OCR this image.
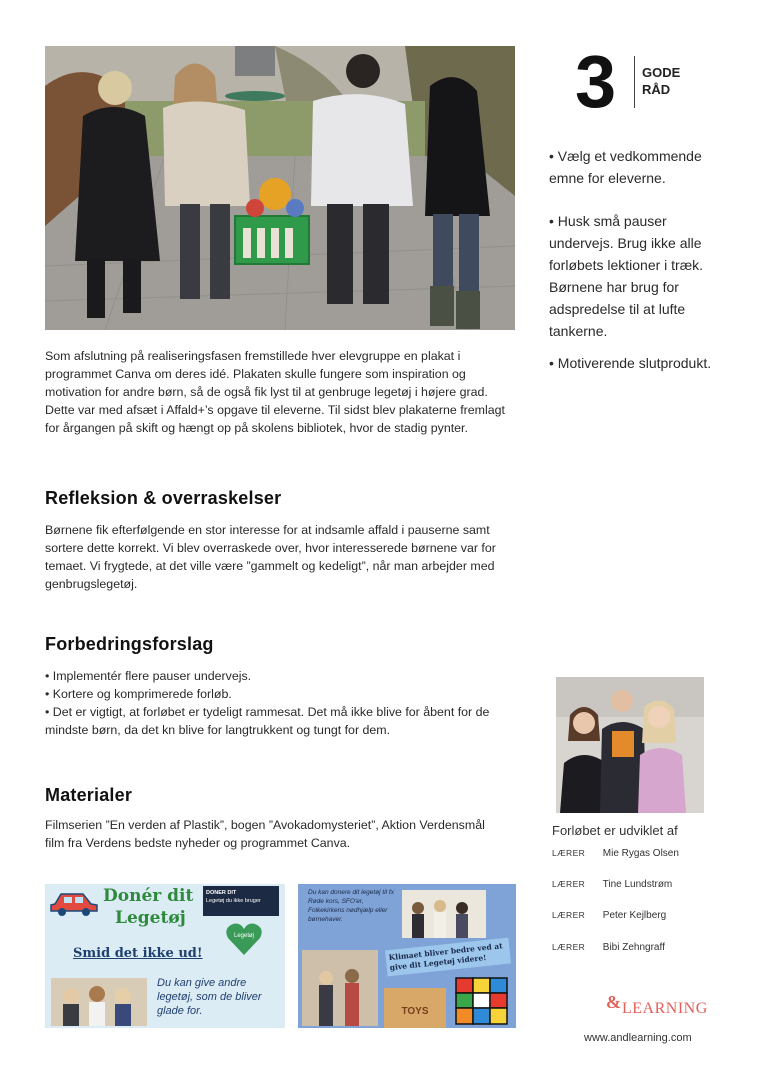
Som afslutning på realiseringsfasen fremstillede hver elevgruppe en plakat i programmet Canva om deres idé. Plakaten skulle fungere som inspiration og motivation for andre børn, så de også fik lyst til at genbruge legetøj i højere grad. Dette var med afsæt i Affald+’s opgave til eleverne. Til sidst blev plakaterne fremlagt for årgangen på skift og hængt op på skolens bibliotek, hvor de stadig pynter.
Refleksion & overraskelser
Børnene fik efterfølgende en stor interesse for at indsamle affald i pauserne samt sortere dette korrekt. Vi blev overraskede over, hvor interesserede børnene var for temaet. Vi frygtede, at det ville være ”gammelt og kedeligt”, når man arbejder med genbrugslegetøj.
Forbedringsforslag
• Implementér flere pauser undervejs.
• Kortere og komprimerede forløb.
• Det er vigtigt, at forløbet er tydeligt rammesat. Det må ikke blive for åbent for de mindste børn, da det kn blive for langtrukkent og tungt for dem.
Materialer
Filmserien ”En verden af Plastik”, bogen ”Avokadomysteriet”, Aktion Verdensmål film fra Verdens bedste nyheder og programmet Canva.
Donér dit
Legetøj
DONER DIT
Legetøj du ikke bruger
Legetøj
Smid det ikke ud!
Du kan give andre legetøj, som de bliver glade for.
Du kan donere dit legetøj til fx Røde kors, SFO'er, Folkekirkens nødhjælp eller børnehaver.
Klimaet bliver bedre ved at give dit Legetøj videre!
TOYS
3 GODE
RÅD
• Vælg et vedkommende emne for eleverne.
• Husk små pauser undervejs. Brug ikke alle forløbets lektioner i træk. Børnene har brug for adspredelse til at lufte tankerne.
• Motiverende slutprodukt.
Forløbet er udviklet af
LÆRER Mie Rygas Olsen
LÆRER Tine Lundstrøm
LÆRER Peter Kejlberg
LÆRER Bibi Zehngraff
& LEARNING
www.andlearning.com
